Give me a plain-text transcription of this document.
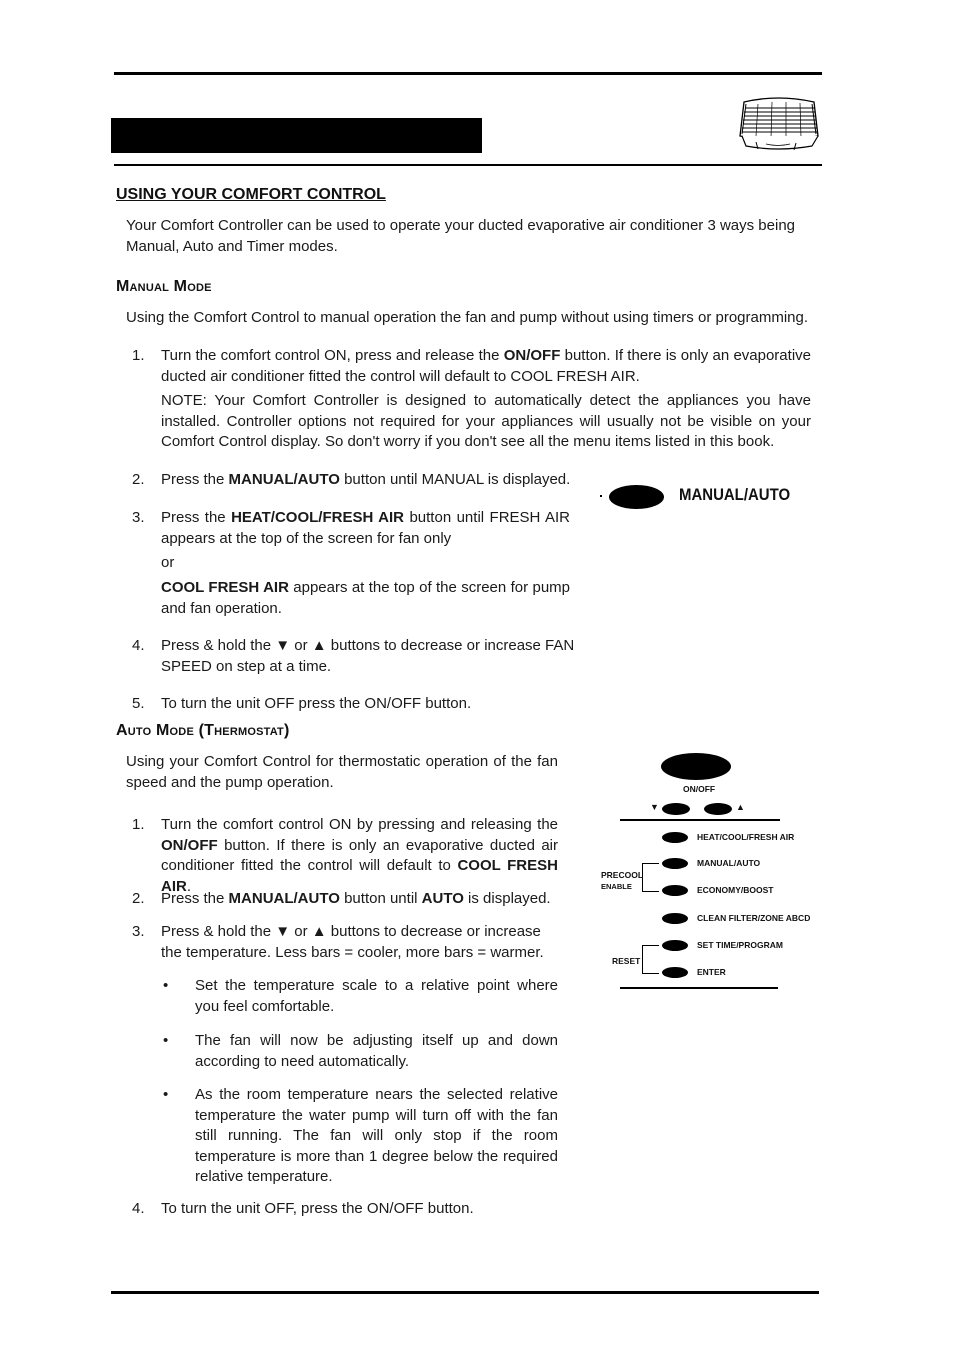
USING YOUR COMFORT CONTROL
Your Comfort Controller can be used to operate your ducted evaporative air conditioner 3 ways being Manual, Auto and Timer modes.
Manual Mode
Using the Comfort Control to manual operation the fan and pump without using timers or programming.
1. Turn the comfort control ON, press and release the ON/OFF button. If there is only an evaporative ducted air conditioner fitted the control will default to COOL FRESH AIR.
NOTE: Your Comfort Controller is designed to automatically detect the appliances you have installed. Controller options not required for your appliances will usually not be visible on your Comfort Control display. So don't worry if you don't see all the menu items listed in this book.
2. Press the MANUAL/AUTO button until MANUAL is displayed.
MANUAL/AUTO
3. Press the HEAT/COOL/FRESH AIR button until FRESH AIR appears at the top of the screen for fan only
or
COOL FRESH AIR appears at the top of the screen for pump and fan operation.
4. Press & hold the ▼ or ▲ buttons to decrease or increase FAN SPEED on step at a time.
5. To turn the unit OFF press the ON/OFF button.
Auto Mode (Thermostat)
Using your Comfort Control for thermostatic operation of the fan speed and the pump operation.
1. Turn the comfort control ON by pressing and releasing the ON/OFF button. If there is only an evaporative ducted air conditioner fitted the control will default to COOL FRESH AIR.
2. Press the MANUAL/AUTO button until AUTO is displayed.
3. Press & hold the ▼ or ▲ buttons to decrease or increase the temperature. Less bars = cooler, more bars = warmer.
• Set the temperature scale to a relative point where you feel comfortable.
• The fan will now be adjusting itself up and down according to need automatically.
• As the room temperature nears the selected relative temperature the water pump will turn off with the fan still running. The fan will only stop if the room temperature is more than 1 degree below the required relative temperature.
4. To turn the unit OFF, press the ON/OFF button.
ON/OFF
▼	▲
HEAT/COOL/FRESH AIR
MANUAL/AUTO
ECONOMY/BOOST
CLEAN FILTER/ZONE ABCD
SET TIME/PROGRAM
ENTER
PRECOOL
ENABLE
RESET
